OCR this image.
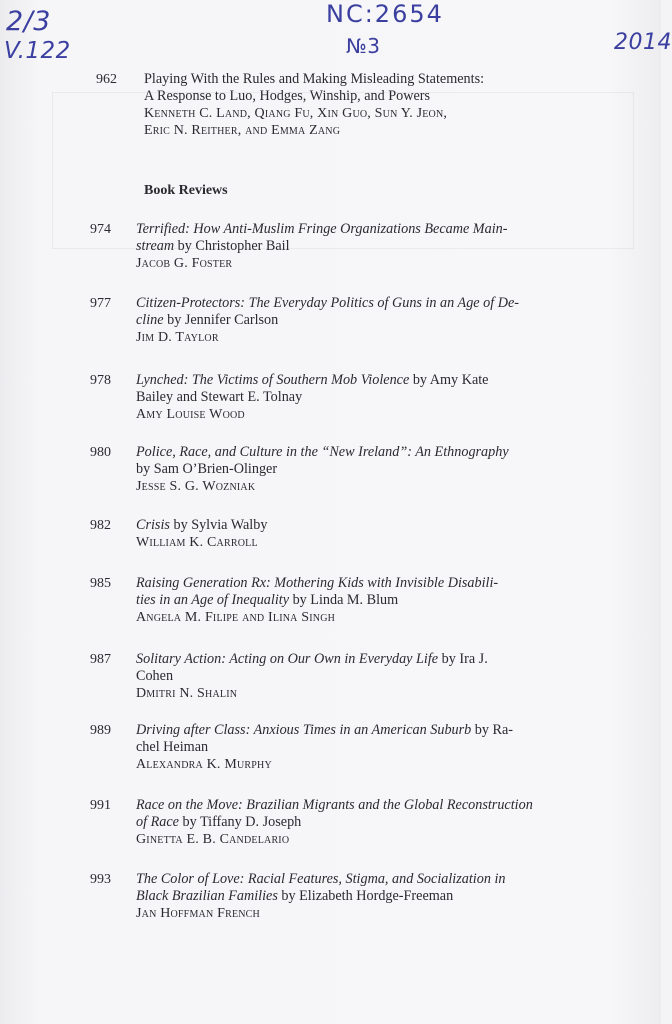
2/3
V.122
NC:2654
№3	2014
962	Playing With the Rules and Making Misleading Statements:
A Response to Luo, Hodges, Winship, and Powers
Kenneth C. Land, Qiang Fu, Xin Guo, Sun Y. Jeon,
Eric N. Reither, and Emma Zang
Book Reviews
974	Terrified: How Anti-Muslim Fringe Organizations Became Main-
stream by Christopher Bail
Jacob G. Foster
977	Citizen-Protectors: The Everyday Politics of Guns in an Age of De-
cline by Jennifer Carlson
Jim D. Taylor
978	Lynched: The Victims of Southern Mob Violence by Amy Kate
Bailey and Stewart E. Tolnay
Amy Louise Wood
980	Police, Race, and Culture in the “New Ireland”: An Ethnography
by Sam O’Brien-Olinger
Jesse S. G. Wozniak
982	Crisis by Sylvia Walby
William K. Carroll
985	Raising Generation Rx: Mothering Kids with Invisible Disabili-
ties in an Age of Inequality by Linda M. Blum
Angela M. Filipe and Ilina Singh
987	Solitary Action: Acting on Our Own in Everyday Life by Ira J.
Cohen
Dmitri N. Shalin
989	Driving after Class: Anxious Times in an American Suburb by Ra-
chel Heiman
Alexandra K. Murphy
991	Race on the Move: Brazilian Migrants and the Global Reconstruction
of Race by Tiffany D. Joseph
Ginetta E. B. Candelario
993	The Color of Love: Racial Features, Stigma, and Socialization in
Black Brazilian Families by Elizabeth Hordge-Freeman
Jan Hoffman French
